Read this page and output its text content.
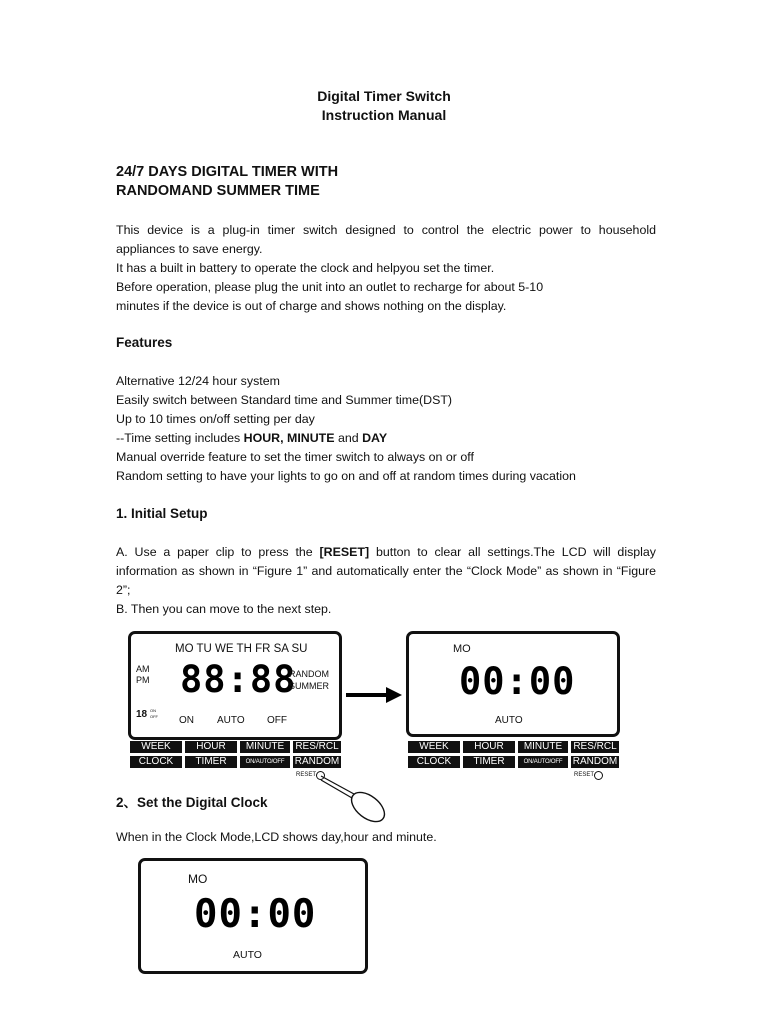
Digital Timer Switch
Instruction Manual
24/7 DAYS DIGITAL TIMER WITH
RANDOMAND SUMMER TIME
This device is a plug-in timer switch designed to control the electric power to household appliances to save energy.
It has a built in battery to operate the clock and helpyou set the timer.
Before operation, please plug the unit into an outlet to recharge for about 5-10
minutes if the device is out of charge and shows nothing on the display.
Features
Alternative 12/24 hour system
Easily switch between Standard time and Summer time(DST)
Up to 10 times on/off setting per day
--Time setting includes HOUR, MINUTE and DAY
Manual override feature to set the timer switch to always on or off
Random setting to have your lights to go on and off at random times during vacation
1. Initial Setup
A. Use a paper clip to press the [RESET] button to clear all settings.The LCD will display information as shown in “Figure 1” and automatically enter the “Clock Mode” as shown in “Figure 2”;
B. Then you can move to the next step.
MO TU WE TH FR SA SU
AM
PM 88:88
RANDOM
SUMMER
18 ON
OFF ON AUTO OFF
WEEK	HOUR	MINUTE	RES/RCL
CLOCK	TIMER	ON/AUTO/OFF	RANDOM
RESET
MO
00:00
AUTO
WEEK	HOUR	MINUTE	RES/RCL
CLOCK	TIMER	ON/AUTO/OFF	RANDOM
RESET
2、Set the Digital Clock
When in the Clock Mode,LCD shows day,hour and minute.
MO
00:00
AUTO
